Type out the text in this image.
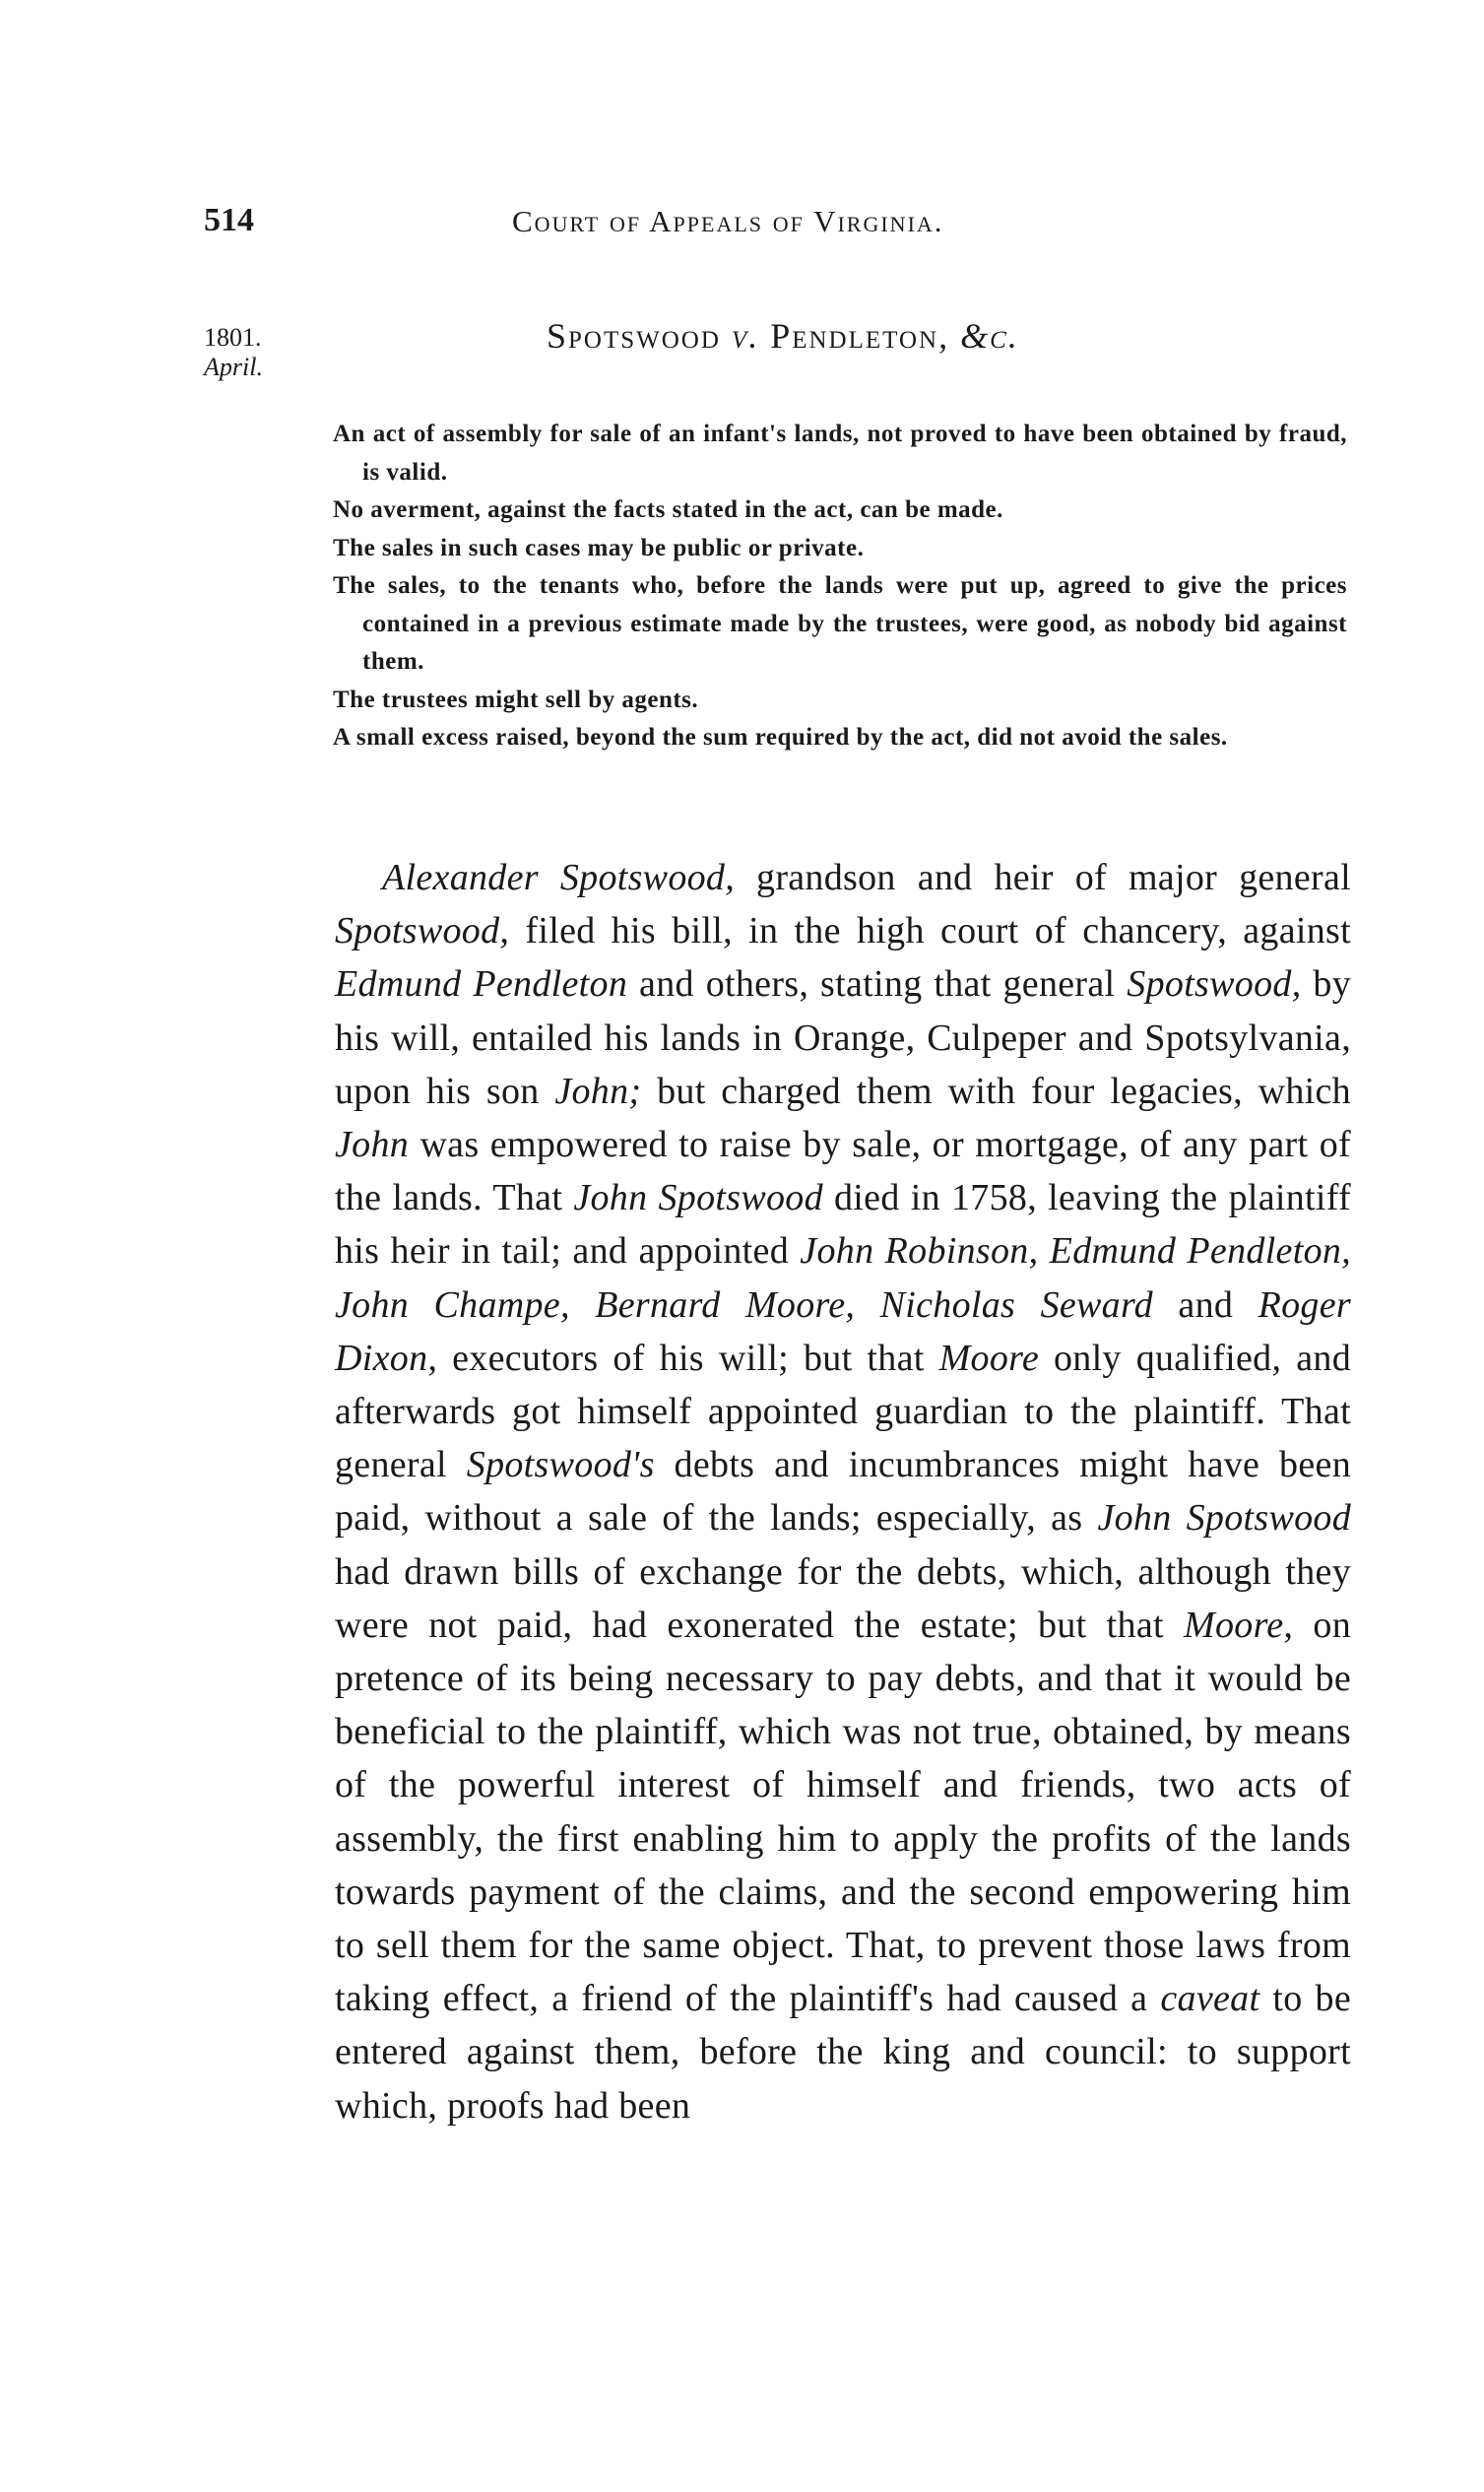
514	Court of Appeals of Virginia.
1801.
April.
Spotswood v. Pendleton, &c.

An act of assembly for sale of an infant's lands, not proved to have been obtained by fraud, is valid.

No averment, against the facts stated in the act, can be made.

The sales in such cases may be public or private.

The sales, to the tenants who, before the lands were put up, agreed to give the prices contained in a previous estimate made by the trustees, were good, as nobody bid against them.

The trustees might sell by agents.

A small excess raised, beyond the sum required by the act, did not avoid the sales.

Alexander Spotswood, grandson and heir of major general Spotswood, filed his bill, in the high court of chancery, against Edmund Pendleton and others, stating that general Spotswood, by his will, entailed his lands in Orange, Culpeper and Spotsylvania, upon his son John; but charged them with four legacies, which John was empowered to raise by sale, or mortgage, of any part of the lands. That John Spotswood died in 1758, leaving the plaintiff his heir in tail; and appointed John Robinson, Edmund Pendleton, John Champe, Bernard Moore, Nicholas Seward and Roger Dixon, executors of his will; but that Moore only qualified, and afterwards got himself appointed guardian to the plaintiff. That general Spotswood's debts and incumbrances might have been paid, without a sale of the lands; especially, as John Spotswood had drawn bills of exchange for the debts, which, although they were not paid, had exonerated the estate; but that Moore, on pretence of its being necessary to pay debts, and that it would be beneficial to the plaintiff, which was not true, obtained, by means of the powerful interest of himself and friends, two acts of assembly, the first enabling him to apply the profits of the lands towards payment of the claims, and the second empowering him to sell them for the same object. That, to prevent those laws from taking effect, a friend of the plaintiff's had caused a caveat to be entered against them, before the king and council: to support which, proofs had been
